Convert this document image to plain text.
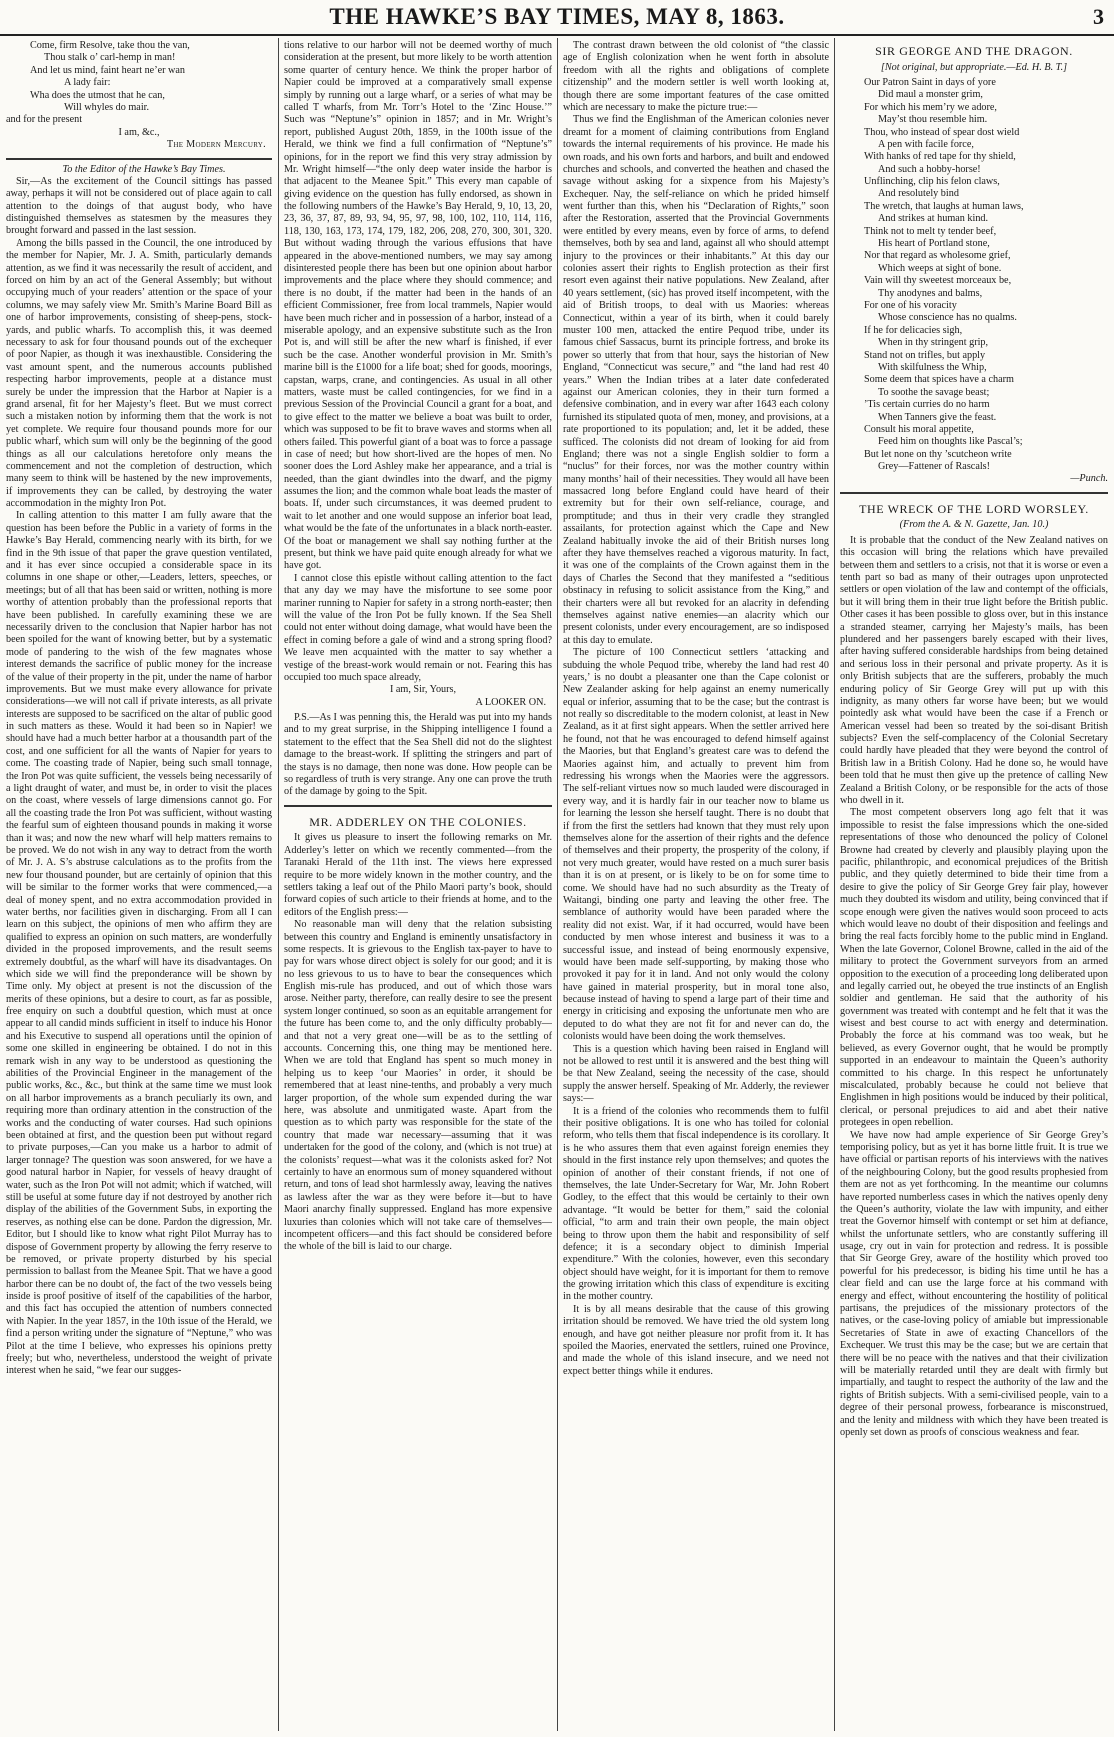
THE HAWKE’S BAY TIMES, MAY 8, 1863.	3
Come, firm Resolve, take thou the van,
Thou stalk o’ carl-hemp in man!
And let us mind, faint heart ne’er wan
A lady fair:
Wha does the utmost that he can,
Will whyles do mair.

and for the present

I am, &c.,

The Modern Mercury.

To the Editor of the Hawke’s Bay Times.

Sir,—As the excitement of the Council sittings has passed away, perhaps it will not be considered out of place again to call attention to the doings of that august body, who have distinguished themselves as statesmen by the measures they brought forward and passed in the last session.

Among the bills passed in the Council, the one introduced by the member for Napier, Mr. J. A. Smith, particularly demands attention, as we find it was necessarily the result of accident, and forced on him by an act of the General Assembly; but without occupying much of your readers’ attention or the space of your columns, we may safely view Mr. Smith’s Marine Board Bill as one of harbor improvements, consisting of sheep-pens, stock-yards, and public wharfs. To accomplish this, it was deemed necessary to ask for four thousand pounds out of the exchequer of poor Napier, as though it was inexhaustible. Considering the vast amount spent, and the numerous accounts published respecting harbor improvements, people at a distance must surely be under the impression that the Harbor at Napier is a grand arsenal, fit for her Majesty’s fleet. But we must correct such a mistaken notion by informing them that the work is not yet complete. We require four thousand pounds more for our public wharf, which sum will only be the beginning of the good things as all our calculations heretofore only means the commencement and not the completion of destruction, which many seem to think will be hastened by the new improvements, if improvements they can be called, by destroying the water accommodation in the mighty Iron Pot.

In calling attention to this matter I am fully aware that the question has been before the Public in a variety of forms in the Hawke’s Bay Herald, commencing nearly with its birth, for we find in the 9th issue of that paper the grave question ventilated, and it has ever since occupied a considerable space in its columns in one shape or other,—Leaders, letters, speeches, or meetings; but of all that has been said or written, nothing is more worthy of attention probably than the professional reports that have been published. In carefully examining these we are necessarily driven to the conclusion that Napier harbor has not been spoiled for the want of knowing better, but by a systematic mode of pandering to the wish of the few magnates whose interest demands the sacrifice of public money for the increase of the value of their property in the pit, under the name of harbor improvements. But we must make every allowance for private considerations—we will not call if private interests, as all private interests are supposed to be sacrificed on the altar of public good in such matters as these. Would it had been so in Napier! we should have had a much better harbor at a thousandth part of the cost, and one sufficient for all the wants of Napier for years to come. The coasting trade of Napier, being such small tonnage, the Iron Pot was quite sufficient, the vessels being necessarily of a light draught of water, and must be, in order to visit the places on the coast, where vessels of large dimensions cannot go. For all the coasting trade the Iron Pot was sufficient, without wasting the fearful sum of eighteen thousand pounds in making it worse than it was; and now the new wharf will help matters remains to be proved. We do not wish in any way to detract from the worth of Mr. J. A. S’s abstruse calculations as to the profits from the new four thousand pounder, but are certainly of opinion that this will be similar to the former works that were commenced,—a deal of money spent, and no extra accommodation provided in water berths, nor facilities given in discharging. From all I can learn on this subject, the opinions of men who affirm they are qualified to express an opinion on such matters, are wonderfully divided in the proposed improvements, and the result seems extremely doubtful, as the wharf will have its disadvantages. On which side we will find the preponderance will be shown by Time only. My object at present is not the discussion of the merits of these opinions, but a desire to court, as far as possible, free enquiry on such a doubtful question, which must at once appear to all candid minds sufficient in itself to induce his Honor and his Executive to suspend all operations until the opinion of some one skilled in engineering be obtained. I do not in this remark wish in any way to be understood as questioning the abilities of the Provincial Engineer in the management of the public works, &c., &c., but think at the same time we must look on all harbor improvements as a branch peculiarly its own, and requiring more than ordinary attention in the construction of the works and the conducting of water courses. Had such opinions been obtained at first, and the question been put without regard to private purposes,—Can you make us a harbor to admit of larger tonnage? The question was soon answered, for we have a good natural harbor in Napier, for vessels of heavy draught of water, such as the Iron Pot will not admit; which if watched, will still be useful at some future day if not destroyed by another rich display of the abilities of the Government Subs, in exporting the reserves, as nothing else can be done. Pardon the digression, Mr. Editor, but I should like to know what right Pilot Murray has to dispose of Government property by allowing the ferry reserve to be removed, or private property disturbed by his special permission to ballast from the Meanee Spit. That we have a good harbor there can be no doubt of, the fact of the two vessels being inside is proof positive of itself of the capabilities of the harbor, and this fact has occupied the attention of numbers connected with Napier. In the year 1857, in the 10th issue of the Herald, we find a person writing under the signature of “Neptune,” who was Pilot at the time I believe, who expresses his opinions pretty freely; but who, nevertheless, understood the weight of private interest when he said, “we fear our sugges-

tions relative to our harbor will not be deemed worthy of much consideration at the present, but more likely to be worth attention some quarter of century hence. We think the proper harbor of Napier could be improved at a comparatively small expense simply by running out a large wharf, or a series of what may be called T wharfs, from Mr. Torr’s Hotel to the ‘Zinc House.’” Such was “Neptune’s” opinion in 1857; and in Mr. Wright’s report, published August 20th, 1859, in the 100th issue of the Herald, we think we find a full confirmation of “Neptune’s” opinions, for in the report we find this very stray admission by Mr. Wright himself—“the only deep water inside the harbor is that adjacent to the Meanee Spit.” This every man capable of giving evidence on the question has fully endorsed, as shown in the following numbers of the Hawke’s Bay Herald, 9, 10, 13, 20, 23, 36, 37, 87, 89, 93, 94, 95, 97, 98, 100, 102, 110, 114, 116, 118, 130, 163, 173, 174, 179, 182, 206, 208, 270, 300, 301, 320. But without wading through the various effusions that have appeared in the above-mentioned numbers, we may say among disinterested people there has been but one opinion about harbor improvements and the place where they should commence; and there is no doubt, if the matter had been in the hands of an efficient Commissioner, free from local trammels, Napier would have been much richer and in possession of a harbor, instead of a miserable apology, and an expensive substitute such as the Iron Pot is, and will still be after the new wharf is finished, if ever such be the case. Another wonderful provision in Mr. Smith’s marine bill is the £1000 for a life boat; shed for goods, moorings, capstan, warps, crane, and contingencies. As usual in all other matters, waste must be called contingencies, for we find in a previous Session of the Provincial Council a grant for a boat, and to give effect to the matter we believe a boat was built to order, which was supposed to be fit to brave waves and storms when all others failed. This powerful giant of a boat was to force a passage in case of need; but how short-lived are the hopes of men. No sooner does the Lord Ashley make her appearance, and a trial is needed, than the giant dwindles into the dwarf, and the pigmy assumes the lion; and the common whale boat leads the master of boats. If, under such circumstances, it was deemed prudent to wait to let another and one would suppose an inferior boat lead, what would be the fate of the unfortunates in a black north-easter. Of the boat or management we shall say nothing further at the present, but think we have paid quite enough already for what we have got.

I cannot close this epistle without calling attention to the fact that any day we may have the misfortune to see some poor mariner running to Napier for safety in a strong north-easter; then will the value of the Iron Pot be fully known. If the Sea Shell could not enter without doing damage, what would have been the effect in coming before a gale of wind and a strong spring flood? We leave men acquainted with the matter to say whether a vestige of the breast-work would remain or not. Fearing this has occupied too much space already,

I am, Sir, Yours,

A LOOKER ON.

P.S.—As I was penning this, the Herald was put into my hands and to my great surprise, in the Shipping intelligence I found a statement to the effect that the Sea Shell did not do the slightest damage to the breast-work. If splitting the stringers and part of the stays is no damage, then none was done. How people can be so regardless of truth is very strange. Any one can prove the truth of the damage by going to the Spit.

MR. ADDERLEY ON THE COLONIES.

It gives us pleasure to insert the following remarks on Mr. Adderley’s letter on which we recently commented—from the Taranaki Herald of the 11th inst. The views here expressed require to be more widely known in the mother country, and the settlers taking a leaf out of the Philo Maori party’s book, should forward copies of such article to their friends at home, and to the editors of the English press:—

No reasonable man will deny that the relation subsisting between this country and England is eminently unsatisfactory in some respects. It is grievous to the English tax-payer to have to pay for wars whose direct object is solely for our good; and it is no less grievous to us to have to bear the consequences which English mis-rule has produced, and out of which those wars arose. Neither party, therefore, can really desire to see the present system longer continued, so soon as an equitable arrangement for the future has been come to, and the only difficulty probably—and that not a very great one—will be as to the settling of accounts. Concerning this, one thing may be mentioned here. When we are told that England has spent so much money in helping us to keep ‘our Maories’ in order, it should be remembered that at least nine-tenths, and probably a very much larger proportion, of the whole sum expended during the war here, was absolute and unmitigated waste. Apart from the question as to which party was responsible for the state of the country that made war necessary—assuming that it was undertaken for the good of the colony, and (which is not true) at the colonists’ request—what was it the colonists asked for? Not certainly to have an enormous sum of money squandered without return, and tons of lead shot harmlessly away, leaving the natives as lawless after the war as they were before it—but to have Maori anarchy finally suppressed. England has more expensive luxuries than colonies which will not take care of themselves—incompetent officers—and this fact should be considered before the whole of the bill is laid to our charge.

The contrast drawn between the old colonist of “the classic age of English colonization when he went forth in absolute freedom with all the rights and obligations of complete citizenship” and the modern settler is well worth looking at, though there are some important features of the case omitted which are necessary to make the picture true:—

Thus we find the Englishman of the American colonies never dreamt for a moment of claiming contributions from England towards the internal requirements of his province. He made his own roads, and his own forts and harbors, and built and endowed churches and schools, and converted the heathen and chased the savage without asking for a sixpence from his Majesty’s Exchequer. Nay, the self-reliance on which he prided himself went further than this, when his “Declaration of Rights,” soon after the Restoration, asserted that the Provincial Governments were entitled by every means, even by force of arms, to defend themselves, both by sea and land, against all who should attempt injury to the provinces or their inhabitants.” At this day our colonies assert their rights to English protection as their first resort even against their native populations. New Zealand, after 40 years settlement, (sic) has proved itself incompetent, with the aid of British troops, to deal with us Maories: whereas Connecticut, within a year of its birth, when it could barely muster 100 men, attacked the entire Pequod tribe, under its famous chief Sassacus, burnt its principle fortress, and broke its power so utterly that from that hour, says the historian of New England, “Connecticut was secure,” and “the land had rest 40 years.” When the Indian tribes at a later date confederated against our American colonies, they in their turn formed a defensive combination, and in every war after 1643 each colony furnished its stipulated quota of men, money, and provisions, at a rate proportioned to its population; and, let it be added, these sufficed. The colonists did not dream of looking for aid from England; there was not a single English soldier to form a “nuclus” for their forces, nor was the mother country within many months’ hail of their necessities. They would all have been massacred long before England could have heard of their extremity but for their own self-reliance, courage, and promptitude; and thus in their very cradle they strangled assailants, for protection against which the Cape and New Zealand habitually invoke the aid of their British nurses long after they have themselves reached a vigorous maturity. In fact, it was one of the complaints of the Crown against them in the days of Charles the Second that they manifested a “seditious obstinacy in refusing to solicit assistance from the King,” and their charters were all but revoked for an alacrity in defending themselves against native enemies—an alacrity which our present colonists, under every encouragement, are so indisposed at this day to emulate.

The picture of 100 Connecticut settlers ‘attacking and subduing the whole Pequod tribe, whereby the land had rest 40 years,’ is no doubt a pleasanter one than the Cape colonist or New Zealander asking for help against an enemy numerically equal or inferior, assuming that to be the case; but the contrast is not really so discreditable to the modern colonist, at least in New Zealand, as it at first sight appears. When the settler arrived here he found, not that he was encouraged to defend himself against the Maories, but that England’s greatest care was to defend the Maories against him, and actually to prevent him from redressing his wrongs when the Maories were the aggressors. The self-reliant virtues now so much lauded were discouraged in every way, and it is hardly fair in our teacher now to blame us for learning the lesson she herself taught. There is no doubt that if from the first the settlers had known that they must rely upon themselves alone for the assertion of their rights and the defence of themselves and their property, the prosperity of the colony, if not very much greater, would have rested on a much surer basis than it is on at present, or is likely to be on for some time to come. We should have had no such absurdity as the Treaty of Waitangi, binding one party and leaving the other free. The semblance of authority would have been paraded where the reality did not exist. War, if it had occurred, would have been conducted by men whose interest and business it was to a successful issue, and instead of being enormously expensive, would have been made self-supporting, by making those who provoked it pay for it in land. And not only would the colony have gained in material prosperity, but in moral tone also, because instead of having to spend a large part of their time and energy in criticising and exposing the unfortunate men who are deputed to do what they are not fit for and never can do, the colonists would have been doing the work themselves.

This is a question which having been raised in England will not be allowed to rest until it is answered and the best thing will be that New Zealand, seeing the necessity of the case, should supply the answer herself. Speaking of Mr. Adderly, the reviewer says:—

It is a friend of the colonies who recommends them to fulfil their positive obligations. It is one who has toiled for colonial reform, who tells them that fiscal independence is its corollary. It is he who assures them that even against foreign enemies they should in the first instance rely upon themselves; and quotes the opinion of another of their constant friends, if not one of themselves, the late Under-Secretary for War, Mr. John Robert Godley, to the effect that this would be certainly to their own advantage. “It would be better for them,” said the colonial official, “to arm and train their own people, the main object being to throw upon them the habit and responsibility of self defence; it is a secondary object to diminish Imperial expenditure.” With the colonies, however, even this secondary object should have weight, for it is important for them to remove the growing irritation which this class of expenditure is exciting in the mother country.

It is by all means desirable that the cause of this growing irritation should be removed. We have tried the old system long enough, and have got neither pleasure nor profit from it. It has spoiled the Maories, enervated the settlers, ruined one Province, and made the whole of this island insecure, and we need not expect better things while it endures.

SIR GEORGE AND THE DRAGON.
[Not original, but appropriate.—Ed. H. B. T.]
Our Patron Saint in days of yore
Did maul a monster grim,
For which his mem’ry we adore,
May’st thou resemble him.
Thou, who instead of spear dost wield
A pen with facile force,
With hanks of red tape for thy shield,
And such a hobby-horse!
Unflinching, clip his felon claws,
And resolutely bind
The wretch, that laughs at human laws,
And strikes at human kind.
Think not to melt ty tender beef,
His heart of Portland stone,
Nor that regard as wholesome grief,
Which weeps at sight of bone.
Vain will thy sweetest morceaux be,
Thy anodynes and balms,
For one of his voracity
Whose conscience has no qualms.
If he for delicacies sigh,
When in thy stringent grip,
Stand not on trifles, but apply
With skilfulness the Whip,
Some deem that spices have a charm
To soothe the savage beast;
’Tis certain curries do no harm
When Tanners give the feast.
Consult his moral appetite,
Feed him on thoughts like Pascal’s;
But let none on thy ’scutcheon write
Grey—Fattener of Rascals!
—Punch.
THE WRECK OF THE LORD WORSLEY.
(From the A. & N. Gazette, Jan. 10.)

It is probable that the conduct of the New Zealand natives on this occasion will bring the relations which have prevailed between them and settlers to a crisis, not that it is worse or even a tenth part so bad as many of their outrages upon unprotected settlers or open violation of the law and contempt of the officials, but it will bring them in their true light before the British public. Other cases it has been possible to gloss over, but in this instance a stranded steamer, carrying her Majesty’s mails, has been plundered and her passengers barely escaped with their lives, after having suffered considerable hardships from being detained and serious loss in their personal and private property. As it is only British subjects that are the sufferers, probably the much enduring policy of Sir George Grey will put up with this indignity, as many others far worse have been; but we would pointedly ask what would have been the case if a French or American vessel had been so treated by the soi-disant British subjects? Even the self-complacency of the Colonial Secretary could hardly have pleaded that they were beyond the control of British law in a British Colony. Had he done so, he would have been told that he must then give up the pretence of calling New Zealand a British Colony, or be responsible for the acts of those who dwell in it.

The most competent observers long ago felt that it was impossible to resist the false impressions which the one-sided representations of those who denounced the policy of Colonel Browne had created by cleverly and plausibly playing upon the pacific, philanthropic, and economical prejudices of the British public, and they quietly determined to bide their time from a desire to give the policy of Sir George Grey fair play, however much they doubted its wisdom and utility, being convinced that if scope enough were given the natives would soon proceed to acts which would leave no doubt of their disposition and feelings and bring the real facts forcibly home to the public mind in England. When the late Governor, Colonel Browne, called in the aid of the military to protect the Government surveyors from an armed opposition to the execution of a proceeding long deliberated upon and legally carried out, he obeyed the true instincts of an English soldier and gentleman. He said that the authority of his government was treated with contempt and he felt that it was the wisest and best course to act with energy and determination. Probably the force at his command was too weak, but he believed, as every Governor ought, that he would be promptly supported in an endeavour to maintain the Queen’s authority committed to his charge. In this respect he unfortunately miscalculated, probably because he could not believe that Englishmen in high positions would be induced by their political, clerical, or personal prejudices to aid and abet their native protegees in open rebellion.

We have now had ample experience of Sir George Grey’s temporising policy, but as yet it has borne little fruit. It is true we have official or partisan reports of his interviews with the natives of the neighbouring Colony, but the good results prophesied from them are not as yet forthcoming. In the meantime our columns have reported numberless cases in which the natives openly deny the Queen’s authority, violate the law with impunity, and either treat the Governor himself with contempt or set him at defiance, whilst the unfortunate settlers, who are constantly suffering ill usage, cry out in vain for protection and redress. It is possible that Sir George Grey, aware of the hostility which proved too powerful for his predecessor, is biding his time until he has a clear field and can use the large force at his command with energy and effect, without encountering the hostility of political partisans, the prejudices of the missionary protectors of the natives, or the case-loving policy of amiable but impressionable Secretaries of State in awe of exacting Chancellors of the Exchequer. We trust this may be the case; but we are certain that there will be no peace with the natives and that their civilization will be materially retarded until they are dealt with firmly but impartially, and taught to respect the authority of the law and the rights of British subjects. With a semi-civilised people, vain to a degree of their personal prowess, forbearance is misconstrued, and the lenity and mildness with which they have been treated is openly set down as proofs of conscious weakness and fear.
